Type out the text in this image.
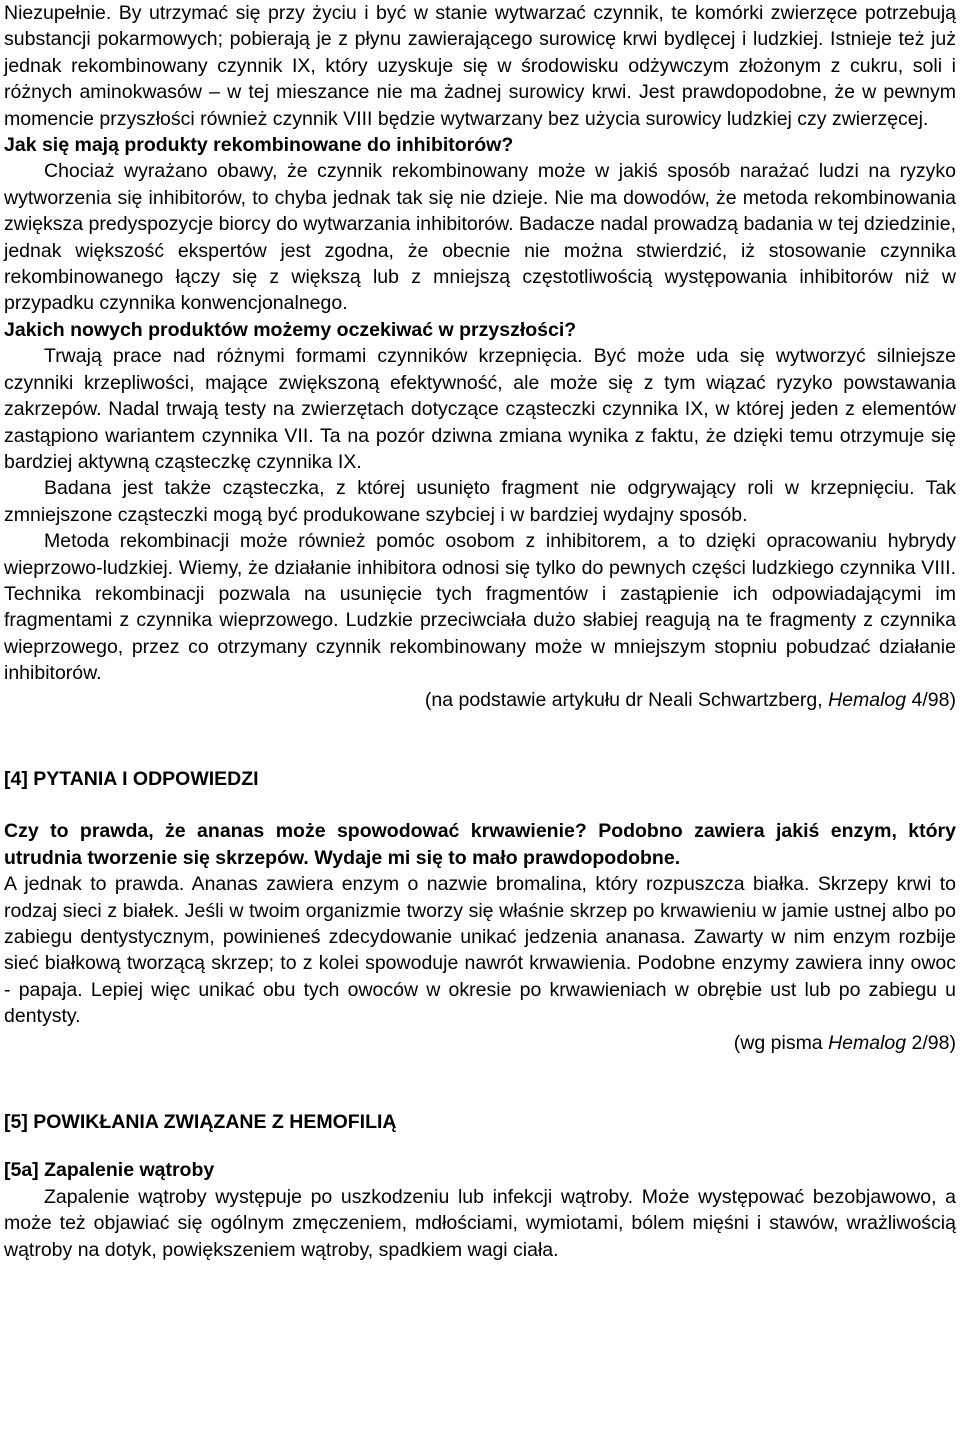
Niezupełnie. By utrzymać się przy życiu i być w stanie wytwarzać czynnik, te komórki zwierzęce potrzebują substancji pokarmowych; pobierają je z płynu zawierającego surowicę krwi bydlęcej i ludzkiej. Istnieje też już jednak rekombinowany czynnik IX, który uzyskuje się w środowisku odżywczym złożonym z cukru, soli i różnych aminokwasów – w tej mieszance nie ma żadnej surowicy krwi. Jest prawdopodobne, że w pewnym momencie przyszłości również czynnik VIII będzie wytwarzany bez użycia surowicy ludzkiej czy zwierzęcej.

Jak się mają produkty rekombinowane do inhibitorów?

Chociaż wyrażano obawy, że czynnik rekombinowany może w jakiś sposób narażać ludzi na ryzyko wytworzenia się inhibitorów, to chyba jednak tak się nie dzieje. Nie ma dowodów, że metoda rekombinowania zwiększa predyspozycje biorcy do wytwarzania inhibitorów. Badacze nadal prowadzą badania w tej dziedzinie, jednak większość ekspertów jest zgodna, że obecnie nie można stwierdzić, iż stosowanie czynnika rekombinowanego łączy się z większą lub z mniejszą częstotliwością występowania inhibitorów niż w przypadku czynnika konwencjonalnego.

Jakich nowych produktów możemy oczekiwać w przyszłości?

Trwają prace nad różnymi formami czynników krzepnięcia. Być może uda się wytworzyć silniejsze czynniki krzepliwości, mające zwiększoną efektywność, ale może się z tym wiązać ryzyko powstawania zakrzepów. Nadal trwają testy na zwierzętach dotyczące cząsteczki czynnika IX, w której jeden z elementów zastąpiono wariantem czynnika VII. Ta na pozór dziwna zmiana wynika z faktu, że dzięki temu otrzymuje się bardziej aktywną cząsteczkę czynnika IX.

Badana jest także cząsteczka, z której usunięto fragment nie odgrywający roli w krzepnięciu. Tak zmniejszone cząsteczki mogą być produkowane szybciej i w bardziej wydajny sposób.

Metoda rekombinacji może również pomóc osobom z inhibitorem, a to dzięki opracowaniu hybrydy wieprzowo-ludzkiej. Wiemy, że działanie inhibitora odnosi się tylko do pewnych części ludzkiego czynnika VIII. Technika rekombinacji pozwala na usunięcie tych fragmentów i zastąpienie ich odpowiadającymi im fragmentami z czynnika wieprzowego. Ludzkie przeciwciała dużo słabiej reagują na te fragmenty z czynnika wieprzowego, przez co otrzymany czynnik rekombinowany może w mniejszym stopniu pobudzać działanie inhibitorów.

(na podstawie artykułu dr Neali Schwartzberg, Hemalog 4/98)

[4] PYTANIA I ODPOWIEDZI

Czy to prawda, że ananas może spowodować krwawienie? Podobno zawiera jakiś enzym, który utrudnia tworzenie się skrzepów. Wydaje mi się to mało prawdopodobne.

A jednak to prawda. Ananas zawiera enzym o nazwie bromalina, który rozpuszcza białka. Skrzepy krwi to rodzaj sieci z białek. Jeśli w twoim organizmie tworzy się właśnie skrzep po krwawieniu w jamie ustnej albo po zabiegu dentystycznym, powinieneś zdecydowanie unikać jedzenia ananasa. Zawarty w nim enzym rozbije sieć białkową tworzącą skrzep; to z kolei spowoduje nawrót krwawienia. Podobne enzymy zawiera inny owoc - papaja. Lepiej więc unikać obu tych owoców w okresie po krwawieniach w obrębie ust lub po zabiegu u dentysty.

(wg pisma Hemalog 2/98)

[5] POWIKŁANIA ZWIĄZANE Z HEMOFILIĄ
[5a] Zapalenie wątroby

Zapalenie wątroby występuje po uszkodzeniu lub infekcji wątroby. Może występować bezobjawowo, a może też objawiać się ogólnym zmęczeniem, mdłościami, wymiotami, bólem mięśni i stawów, wrażliwością wątroby na dotyk, powiększeniem wątroby, spadkiem wagi ciała.
